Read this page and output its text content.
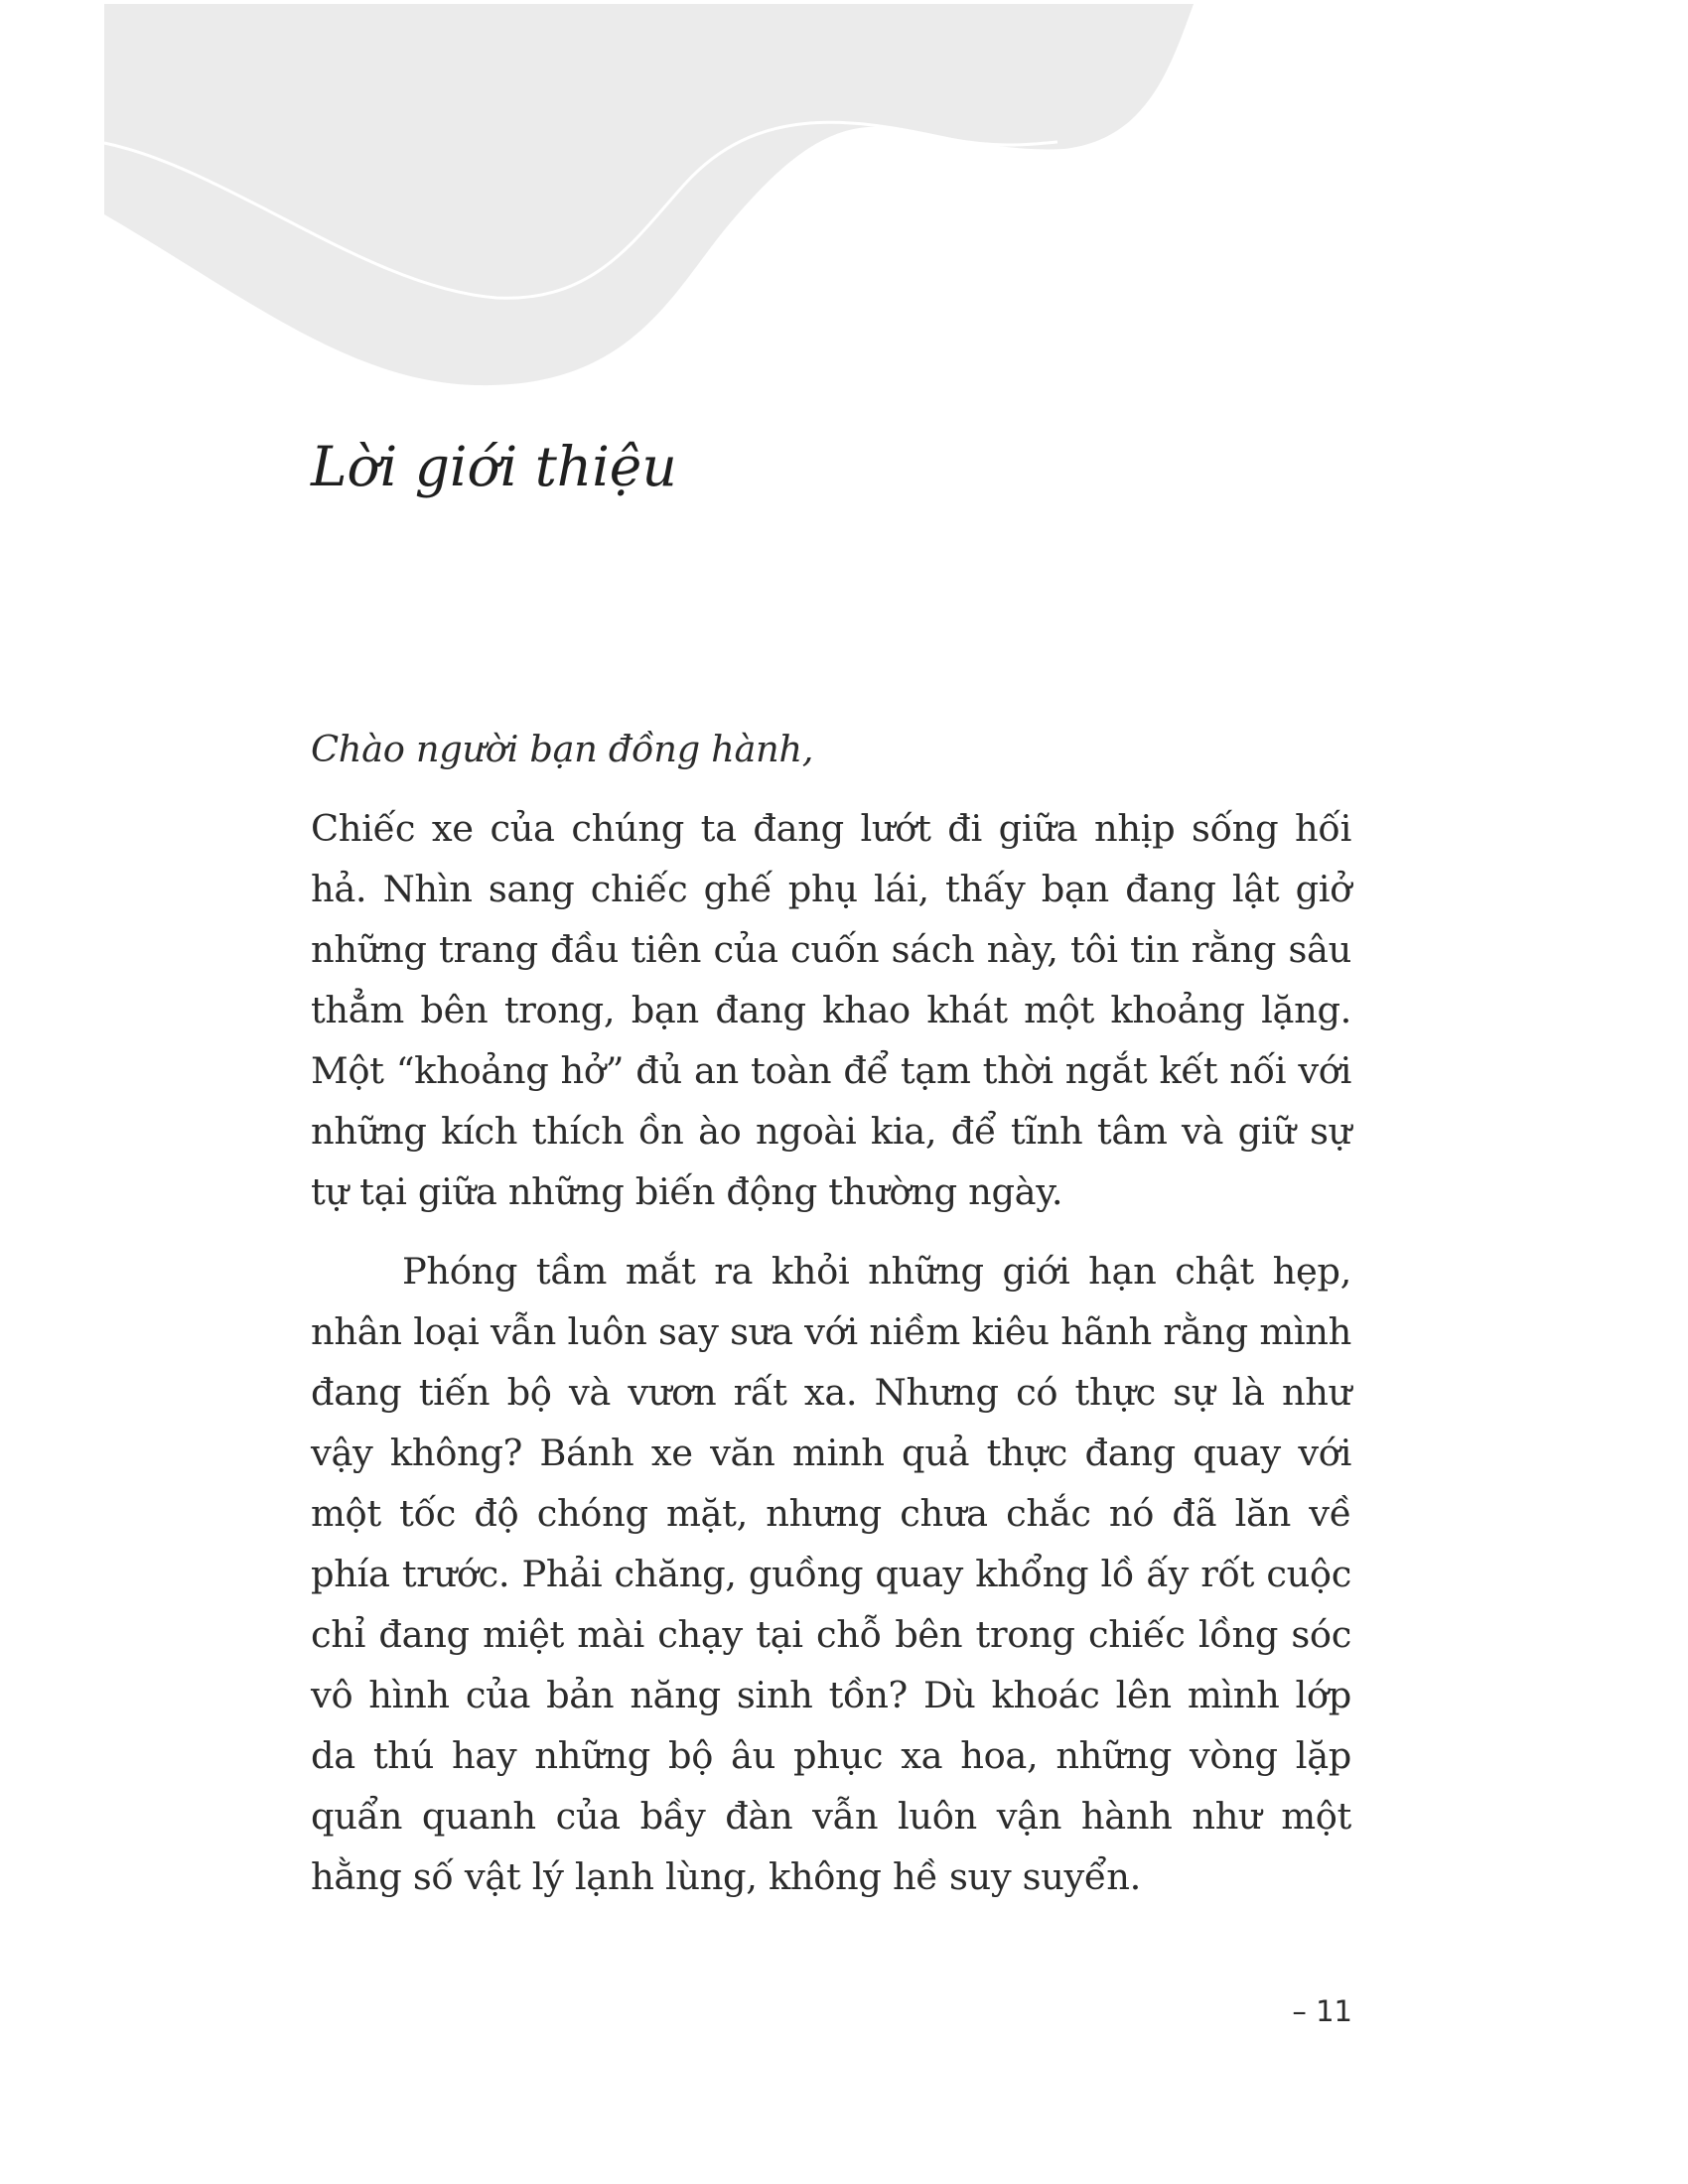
Lời giới thiệu

Chào người bạn đồng hành,

Chiếc xe của chúng ta đang lướt đi giữa nhịp sống hối hả. Nhìn sang chiếc ghế phụ lái, thấy bạn đang lật giở những trang đầu tiên của cuốn sách này, tôi tin rằng sâu thẳm bên trong, bạn đang khao khát một khoảng lặng. Một “khoảng hở” đủ an toàn để tạm thời ngắt kết nối với những kích thích ồn ào ngoài kia, để tĩnh tâm và giữ sự tự tại giữa những biến động thường ngày.

Phóng tầm mắt ra khỏi những giới hạn chật hẹp, nhân loại vẫn luôn say sưa với niềm kiêu hãnh rằng mình đang tiến bộ và vươn rất xa. Nhưng có thực sự là như vậy không? Bánh xe văn minh quả thực đang quay với một tốc độ chóng mặt, nhưng chưa chắc nó đã lăn về phía trước. Phải chăng, guồng quay khổng lồ ấy rốt cuộc chỉ đang miệt mài chạy tại chỗ bên trong chiếc lồng sóc vô hình của bản năng sinh tồn? Dù khoác lên mình lớp da thú hay những bộ âu phục xa hoa, những vòng lặp quẩn quanh của bầy đàn vẫn luôn vận hành như một hằng số vật lý lạnh lùng, không hề suy suyển.

– 11
